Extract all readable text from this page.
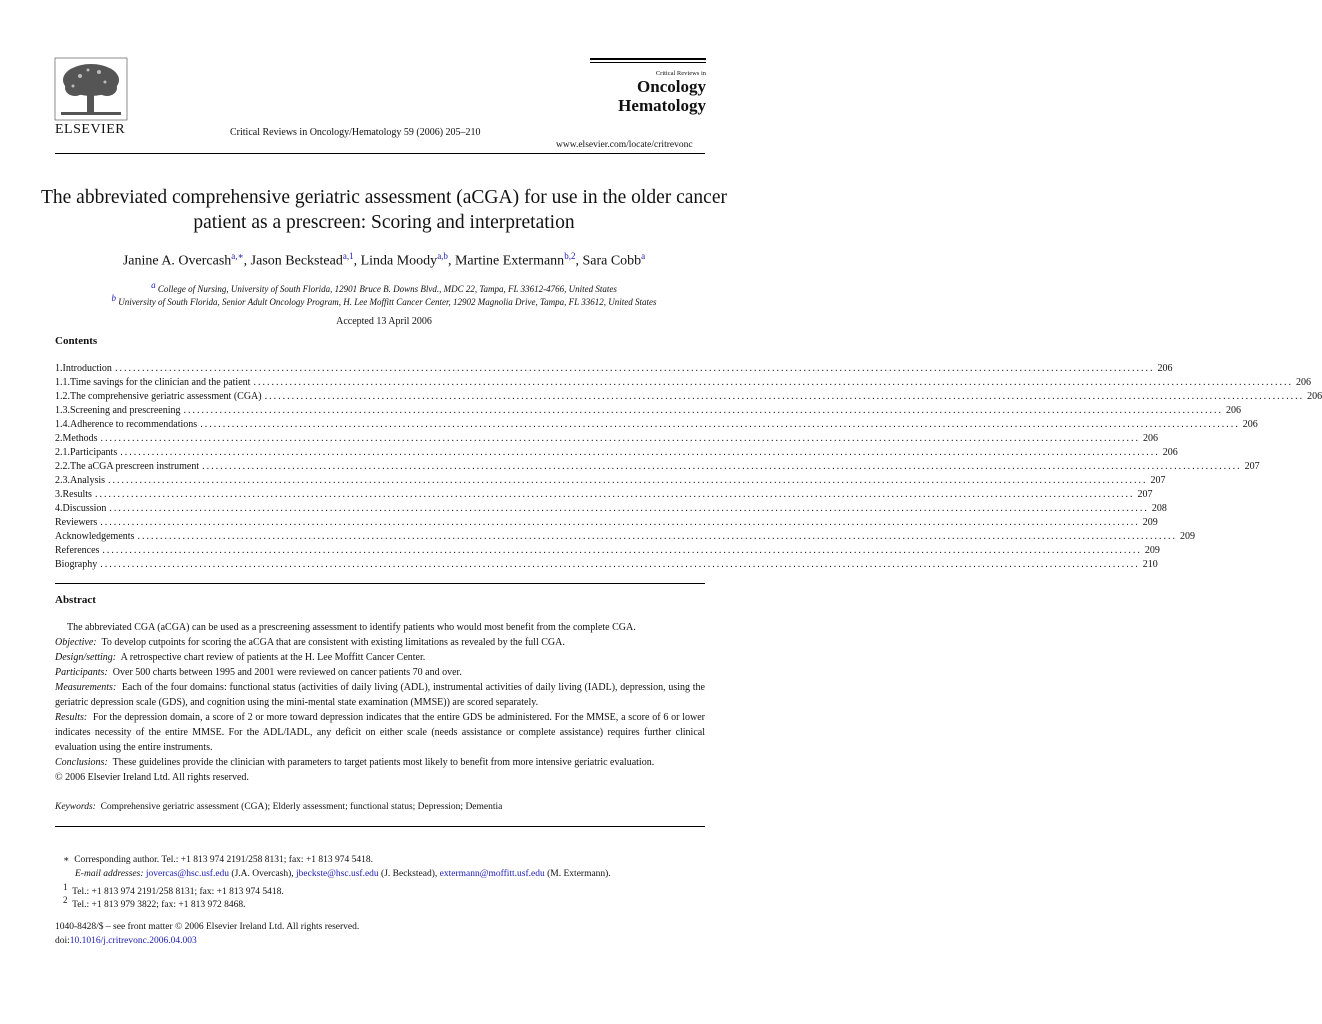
ELSEVIER	Critical Reviews in Oncology/Hematology 59 (2006) 205–210
Critical Reviews in
Oncology
Hematology
www.elsevier.com/locate/critrevonc
The abbreviated comprehensive geriatric assessment (aCGA) for use in the older cancer patient as a prescreen: Scoring and interpretation
Janine A. Overcash$^{a,∗}$, Jason Beckstead$^{a,1}$, Linda Moody$^{a,b}$, Martine Extermann$^{b,2}$, Sara Cobb$^a$
$^a$ College of Nursing, University of South Florida, 12901 Bruce B. Downs Blvd., MDC 22, Tampa, FL 33612-4766, United States
$^b$ University of South Florida, Senior Adult Oncology Program, H. Lee Moffitt Cancer Center, 12902 Magnolia Drive, Tampa, FL 33612, United States
Accepted 13 April 2006
Contents
1. Introduction ....................................................................................................................................................................................................................................... 206
1.1. Time savings for the clinician and the patient ....................................................................................................................................................................................................................................... 206
1.2. The comprehensive geriatric assessment (CGA) ....................................................................................................................................................................................................................................... 206
1.3. Screening and prescreening ....................................................................................................................................................................................................................................... 206
1.4. Adherence to recommendations ....................................................................................................................................................................................................................................... 206
2. Methods ....................................................................................................................................................................................................................................... 206
2.1. Participants ....................................................................................................................................................................................................................................... 206
2.2. The aCGA prescreen instrument ....................................................................................................................................................................................................................................... 207
2.3. Analysis ....................................................................................................................................................................................................................................... 207
3. Results ....................................................................................................................................................................................................................................... 207
4. Discussion ....................................................................................................................................................................................................................................... 208
Reviewers ....................................................................................................................................................................................................................................... 209
Acknowledgements ....................................................................................................................................................................................................................................... 209
References ....................................................................................................................................................................................................................................... 209
Biography ....................................................................................................................................................................................................................................... 210
Abstract

The abbreviated CGA (aCGA) can be used as a prescreening assessment to identify patients who would most benefit from the complete CGA.

Objective: To develop cutpoints for scoring the aCGA that are consistent with existing limitations as revealed by the full CGA.

Design/setting: A retrospective chart review of patients at the H. Lee Moffitt Cancer Center.

Participants: Over 500 charts between 1995 and 2001 were reviewed on cancer patients 70 and over.

Measurements: Each of the four domains: functional status (activities of daily living (ADL), instrumental activities of daily living (IADL), depression, using the geriatric depression scale (GDS), and cognition using the mini-mental state examination (MMSE)) are scored separately.

Results: For the depression domain, a score of 2 or more toward depression indicates that the entire GDS be administered. For the MMSE, a score of 6 or lower indicates necessity of the entire MMSE. For the ADL/IADL, any deficit on either scale (needs assistance or complete assistance) requires further clinical evaluation using the entire instruments.

Conclusions: These guidelines provide the clinician with parameters to target patients most likely to benefit from more intensive geriatric evaluation.

© 2006 Elsevier Ireland Ltd. All rights reserved.

Keywords: Comprehensive geriatric assessment (CGA); Elderly assessment; functional status; Depression; Dementia
∗ Corresponding author. Tel.: +1 813 974 2191/258 8131; fax: +1 813 974 5418.
E-mail addresses: jovercas@hsc.usf.edu (J.A. Overcash), jbeckste@hsc.usf.edu (J. Beckstead), extermann@moffitt.usf.edu (M. Extermann).
$^1$  Tel.: +1 813 974 2191/258 8131; fax: +1 813 974 5418.
$^2$  Tel.: +1 813 979 3822; fax: +1 813 972 8468.
1040-8428/$ – see front matter © 2006 Elsevier Ireland Ltd. All rights reserved.
doi:10.1016/j.critrevonc.2006.04.003
